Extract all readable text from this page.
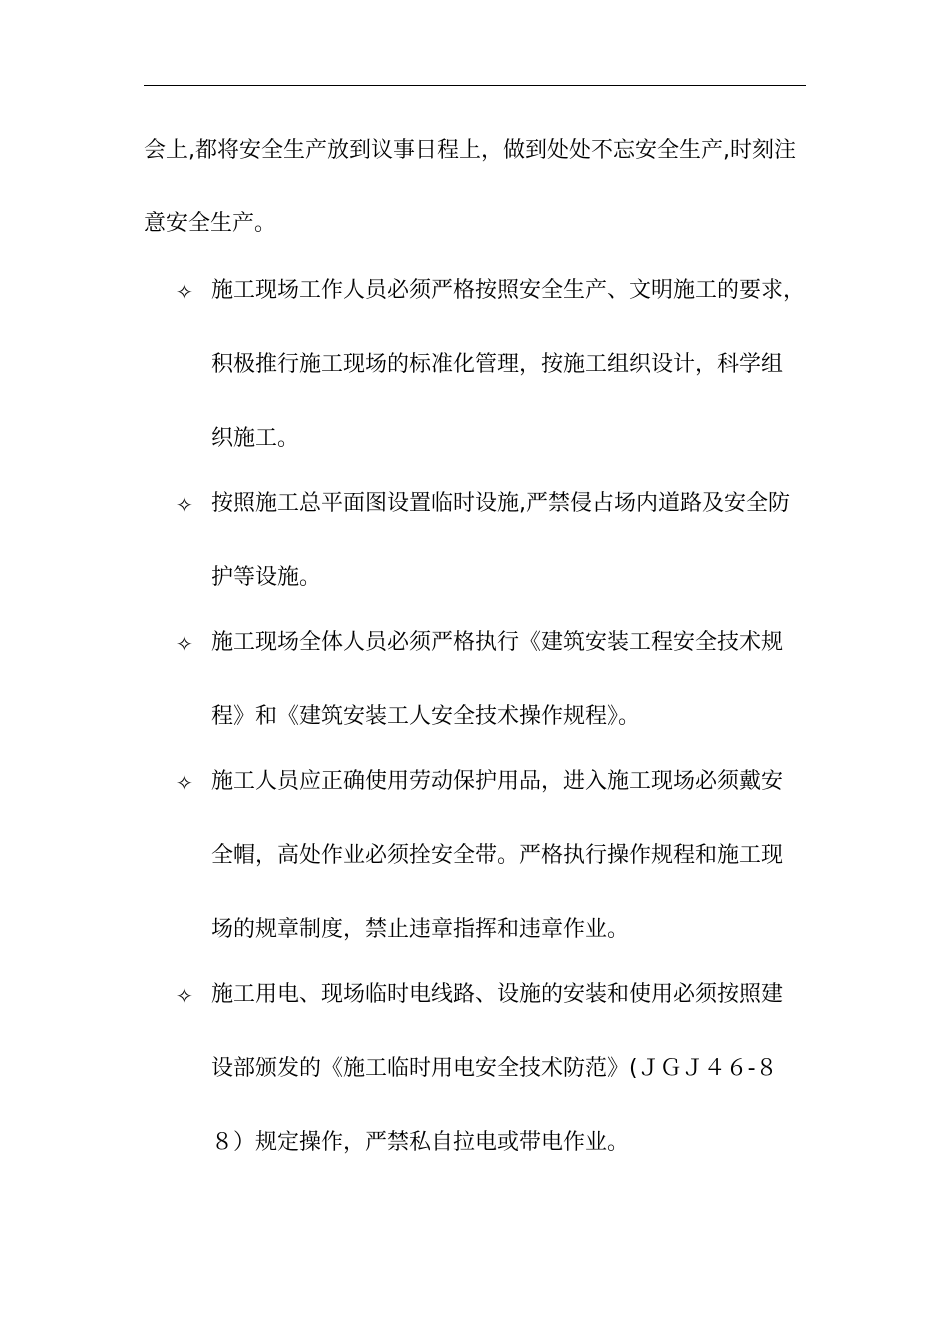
会上,都将安全生产放到议事日程上，做到处处不忘安全生产,时刻注
意安全生产。
✧ 施工现场工作人员必须严格按照安全生产、文明施工的要求，
积极推行施工现场的标准化管理，按施工组织设计，科学组
织施工。
✧ 按照施工总平面图设置临时设施,严禁侵占场内道路及安全防
护等设施。
✧ 施工现场全体人员必须严格执行《建筑安装工程安全技术规
程》和《建筑安装工人安全技术操作规程》。
✧ 施工人员应正确使用劳动保护用品，进入施工现场必须戴安
全帽，高处作业必须拴安全带。严格执行操作规程和施工现
场的规章制度，禁止违章指挥和违章作业。
✧ 施工用电、现场临时电线路、设施的安装和使用必须按照建
设部颁发的《施工临时用电安全技术防范》(ＪＧＪ４６-８
８）规定操作，严禁私自拉电或带电作业。
